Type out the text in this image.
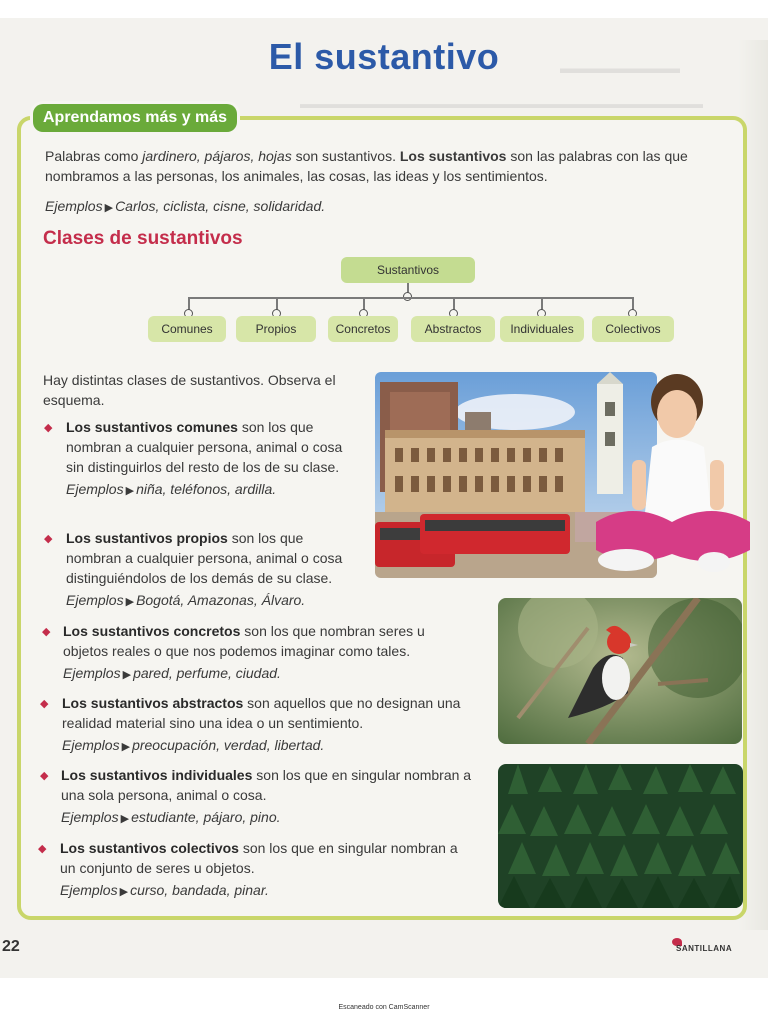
▬▬▬▬▬▬▬▬
▬▬▬▬▬▬▬▬▬▬▬▬▬▬▬▬▬▬▬▬▬▬▬▬▬▬▬▬▬▬▬
El sustantivo
Aprendamos más y más
Palabras como jardinero, pájaros, hojas son sustantivos. Los sustantivos son las palabras con las que nombramos a las personas, los animales, las cosas, las ideas y los sentimientos.
Ejemplos ▶ Carlos, ciclista, cisne, solidaridad.
Clases de sustantivos
Sustantivos
Comunes	Propios	Concretos	Abstractos	Individuales	Colectivos
Hay distintas clases de sustantivos. Observa el esquema.
◆ Los sustantivos comunes son los que nombran a cualquier persona, animal o cosa sin distinguirlos del resto de los de su clase.
Ejemplos ▶ niña, teléfonos, ardilla.
◆ Los sustantivos propios son los que nombran a cualquier persona, animal o cosa distinguiéndolos de los demás de su clase.
Ejemplos ▶ Bogotá, Amazonas, Álvaro.
◆ Los sustantivos concretos son los que nombran seres u objetos reales o que nos podemos imaginar como tales.
Ejemplos ▶ pared, perfume, ciudad.
◆ Los sustantivos abstractos son aquellos que no designan una realidad material sino una idea o un sentimiento.
Ejemplos ▶ preocupación, verdad, libertad.
◆ Los sustantivos individuales son los que en singular nombran a una sola persona, animal o cosa.
Ejemplos ▶ estudiante, pájaro, pino.
◆ Los sustantivos colectivos son los que en singular nombran a un conjunto de seres u objetos.
Ejemplos ▶ curso, bandada, pinar.
22	SANTILLANA
Escaneado con CamScanner
